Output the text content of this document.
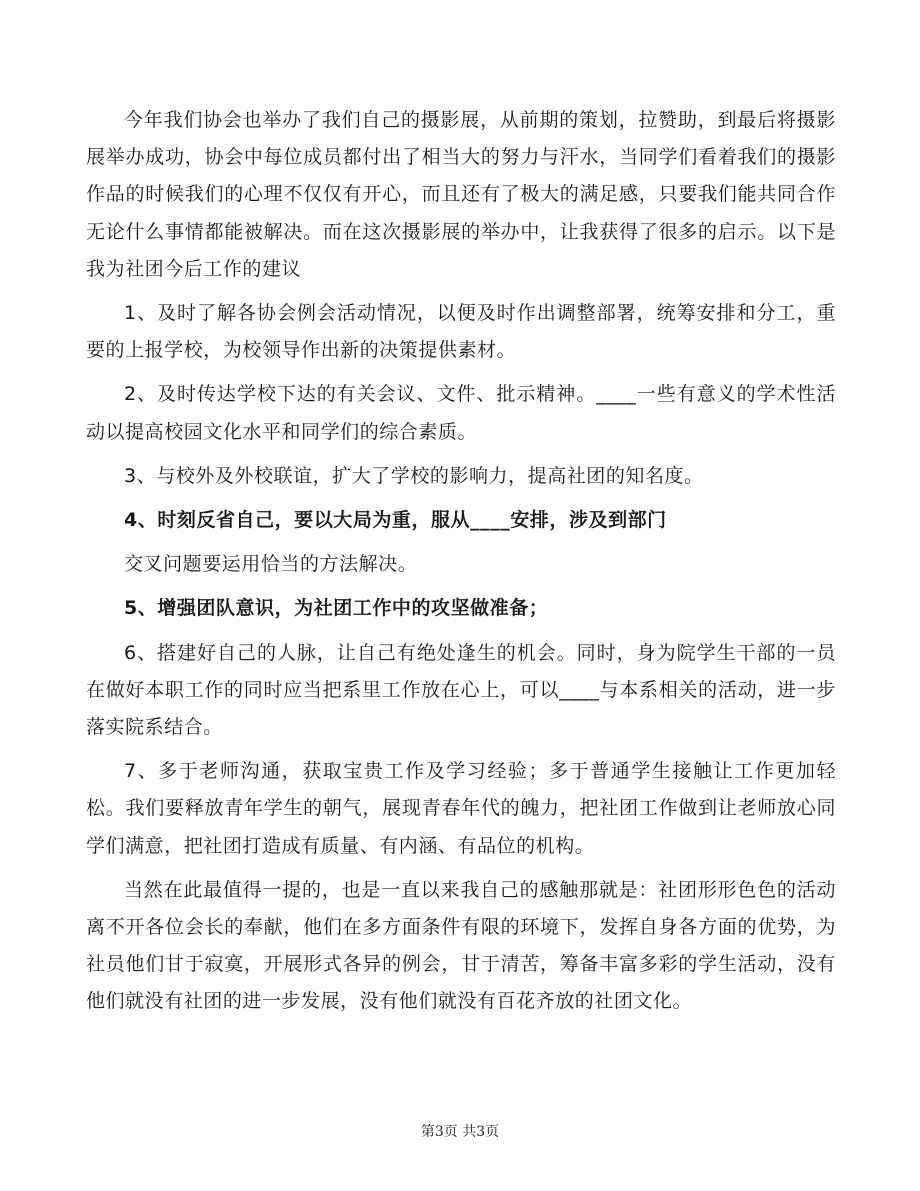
今年我们协会也举办了我们自己的摄影展，从前期的策划，拉赞助，到最后将摄影展举办成功，协会中每位成员都付出了相当大的努力与汗水，当同学们看着我们的摄影作品的时候我们的心理不仅仅有开心，而且还有了极大的满足感，只要我们能共同合作无论什么事情都能被解决。而在这次摄影展的举办中，让我获得了很多的启示。以下是我为社团今后工作的建议

1、及时了解各协会例会活动情况，以便及时作出调整部署，统筹安排和分工，重要的上报学校，为校领导作出新的决策提供素材。

2、及时传达学校下达的有关会议、文件、批示精神。____一些有意义的学术性活动以提高校园文化水平和同学们的综合素质。

3、与校外及外校联谊，扩大了学校的影响力，提高社团的知名度。

4、时刻反省自己，要以大局为重，服从____安排，涉及到部门

交叉问题要运用恰当的方法解决。

5、增强团队意识，为社团工作中的攻坚做准备；

6、搭建好自己的人脉，让自己有绝处逢生的机会。同时，身为院学生干部的一员在做好本职工作的同时应当把系里工作放在心上，可以____与本系相关的活动，进一步落实院系结合。

7、多于老师沟通，获取宝贵工作及学习经验；多于普通学生接触让工作更加轻松。我们要释放青年学生的朝气，展现青春年代的魄力，把社团工作做到让老师放心同学们满意，把社团打造成有质量、有内涵、有品位的机构。

当然在此最值得一提的，也是一直以来我自己的感触那就是：社团形形色色的活动离不开各位会长的奉献，他们在多方面条件有限的环境下，发挥自身各方面的优势，为社员他们甘于寂寞，开展形式各异的例会，甘于清苦，筹备丰富多彩的学生活动，没有他们就没有社团的进一步发展，没有他们就没有百花齐放的社团文化。

第3页 共3页
